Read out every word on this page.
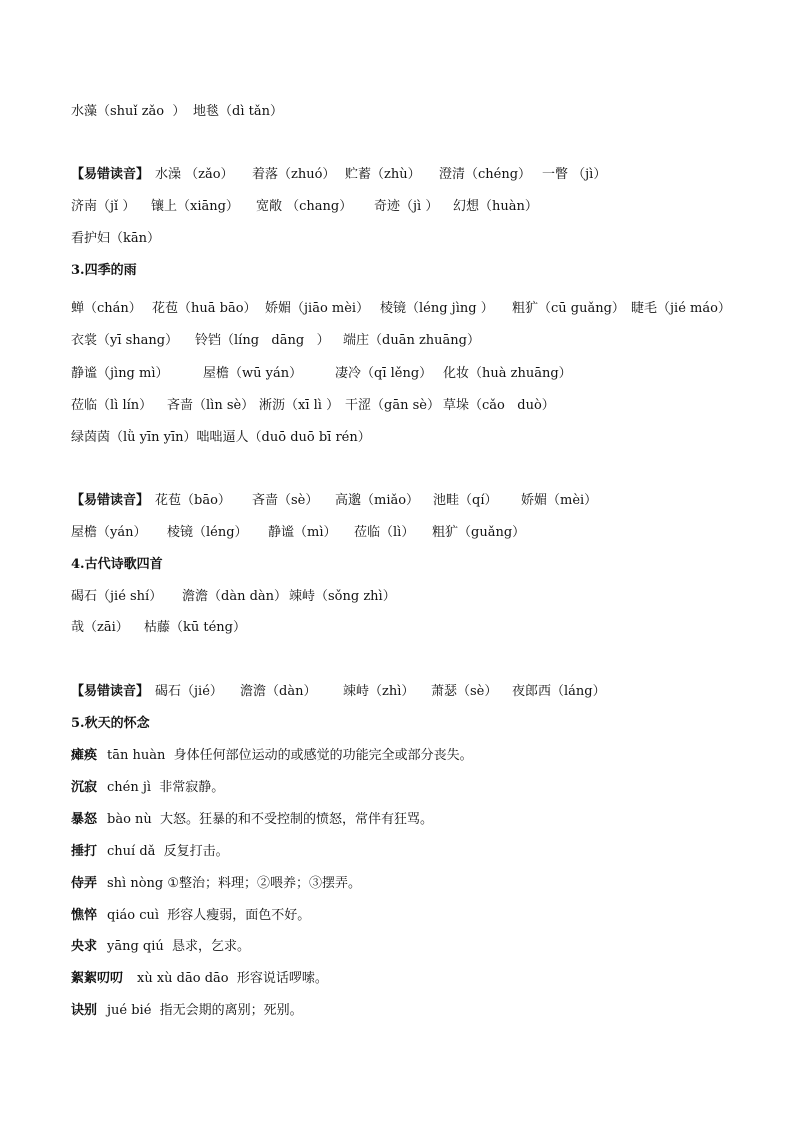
水藻（shuǐ zǎo  ） 地毯（dì tǎn）
【易错读音】 水澡 （zǎo） 着落（zhuó） 贮蓄（zhù） 澄清（chéng） 一瞥 （jì）
济南（jǐ ） 镶上（xiāng） 宽敞 （chang） 奇迹（jì ） 幻想（huàn）
看护妇（kān）
3.四季的雨
蝉（chán） 花苞（huā bāo） 娇媚（jiāo mèi） 棱镜（léng jìng ） 粗犷（cū guǎng） 睫毛（jié máo）
衣裳（yī shang） 铃铛（líng   dāng   ） 端庄（duān zhuāng）
静谧（jìng mì）	屋檐（wū yán）	凄冷（qī lěng） 化妆（huà zhuāng）
莅临（lì lín） 吝啬（lìn sè） 淅沥（xī lì ） 干涩（gān sè） 草垛（cǎo   duò）
绿茵茵（lǜ yīn yīn）咄咄逼人（duō duō bī rén）
【易错读音】 花苞（bāo） 吝啬（sè） 高邈（miǎo） 池畦（qí） 娇媚（mèi）
屋檐（yán） 棱镜（léng） 静谧（mì） 莅临（lì） 粗犷（guǎng）
4.古代诗歌四首
碣石（jié shí） 澹澹（dàn dàn） 竦峙（sǒng zhì）
哉（zāi） 枯藤（kū téng）
【易错读音】 碣石（jié） 澹澹（dàn） 竦峙（zhì） 萧瑟（sè） 夜郎西（láng）
5.秋天的怀念
瘫痪 tān huàn  身体任何部位运动的或感觉的功能完全或部分丧失。
沉寂 chén jì  非常寂静。
暴怒 bào nù  大怒。狂暴的和不受控制的愤怒，常伴有狂骂。
捶打 chuí dǎ  反复打击。
侍弄 shì nòng ①整治；料理；②喂养；③摆弄。
憔悴 qiáo cuì  形容人瘦弱，面色不好。
央求 yāng qiú  恳求，乞求。
絮絮叨叨 xù xù dāo dāo  形容说话啰嗦。
诀别 jué bié  指无会期的离别；死别。
